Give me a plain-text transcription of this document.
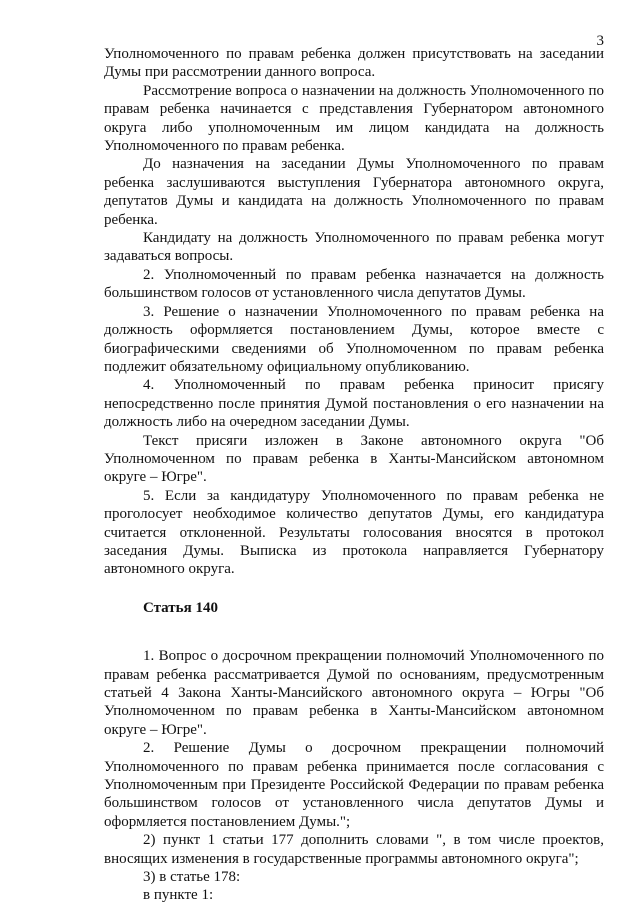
3

Уполномоченного по правам ребенка должен присутствовать на заседании Думы при рассмотрении данного вопроса.

Рассмотрение вопроса о назначении на должность Уполномоченного по правам ребенка начинается с представления Губернатором автономного округа либо уполномоченным им лицом кандидата на должность Уполномоченного по правам ребенка.

До назначения на заседании Думы Уполномоченного по правам ребенка заслушиваются выступления Губернатора автономного округа, депутатов Думы и кандидата на должность Уполномоченного по правам ребенка.

Кандидату на должность Уполномоченного по правам ребенка могут задаваться вопросы.

2. Уполномоченный по правам ребенка назначается на должность большинством голосов от установленного числа депутатов Думы.

3. Решение о назначении Уполномоченного по правам ребенка на должность оформляется постановлением Думы, которое вместе с биографическими сведениями об Уполномоченном по правам ребенка подлежит обязательному официальному опубликованию.

4. Уполномоченный по правам ребенка приносит присягу непосредственно после принятия Думой постановления о его назначении на должность либо на очередном заседании Думы.

Текст присяги изложен в Законе автономного округа "Об Уполномоченном по правам ребенка в Ханты-Мансийском автономном округе – Югре".

5. Если за кандидатуру Уполномоченного по правам ребенка не проголосует необходимое количество депутатов Думы, его кандидатура считается отклоненной. Результаты голосования вносятся в протокол заседания Думы. Выписка из протокола направляется Губернатору автономного округа.

Статья 140

1. Вопрос о досрочном прекращении полномочий Уполномоченного по правам ребенка рассматривается Думой по основаниям, предусмотренным статьей 4 Закона Ханты-Мансийского автономного округа – Югры "Об Уполномоченном по правам ребенка в Ханты-Мансийском автономном округе – Югре".

2. Решение Думы о досрочном прекращении полномочий Уполномоченного по правам ребенка принимается после согласования с Уполномоченным при Президенте Российской Федерации по правам ребенка большинством голосов от установленного числа депутатов Думы и оформляется постановлением Думы.";

2) пункт 1 статьи 177 дополнить словами ", в том числе проектов, вносящих изменения в государственные программы автономного округа";

3) в статье 178:

в пункте 1:
